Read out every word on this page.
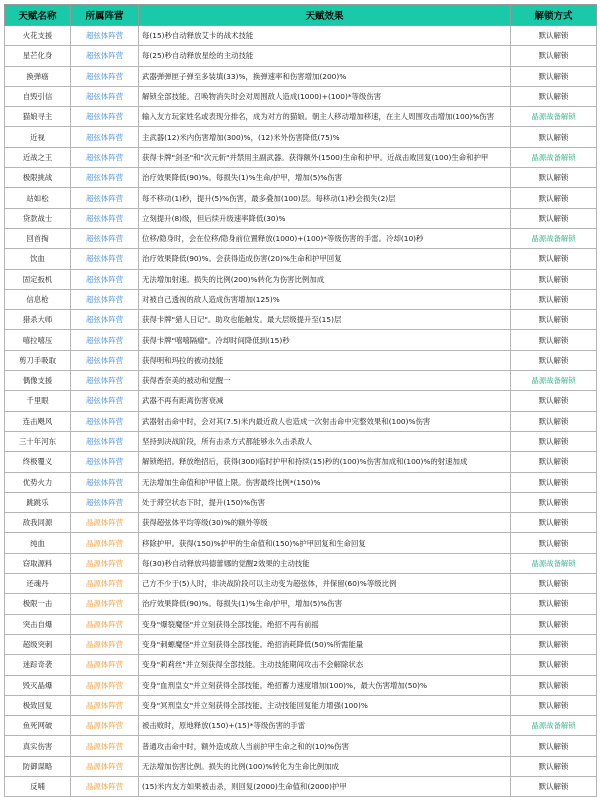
天赋名称	所属阵营	天赋效果	解锁方式
火花支援	超弦体阵营	每(15)秒自动释放艾卡的战术技能	默认解锁
星芒化身	超弦体阵营	每(25)秒自动释放星绘的主动技能	默认解锁
换弹癌	超弦体阵营	武器弹弹匣子弹至多装填(33)%，换弹速率和伤害增加(200)%	默认解锁
自毁引信	超弦体阵营	解锁全部技能。召唤物消失时会对周围敌人造成(1000)+(100)*等级伤害	默认解锁
猫娘寻主	超弦体阵营	输入友方玩家姓名或表现分排名，成为对方的猫娘。朝主人移动增加移速，在主人周围攻击增加(100)%伤害	晶源战备解锁
近视	超弦体阵营	主武器(12)米内伤害增加(300)%，(12)米外伤害降低(75)%	默认解锁
近战之王	超弦体阵营	获得卡牌"剑圣"和"次元斩"并禁用主副武器。获得额外(1500)生命和护甲。近战击败回复(100)生命和护甲	晶源战备解锁
极限挑战	超弦体阵营	治疗效果降低(90)%。每损失(1)%生命/护甲，增加(5)%伤害	默认解锁
站如松	超弦体阵营	每不移动(1)秒，提升(5)%伤害，最多叠加(100)层。每移动(1)秒会损失(2)层	默认解锁
贷款战士	超弦体阵营	立刻提升(8)级，但后续升级速率降低(30)%	默认解锁
回首掏	超弦体阵营	位移/隐身时，会在位移/隐身前位置释放(1000)+(100)*等级伤害的手雷。冷却(10)秒	晶源战备解锁
饮血	超弦体阵营	治疗效果降低(90)%。会获得造成伤害(20)%生命和护甲回复	默认解锁
固定扳机	超弦体阵营	无法增加射速。损失的比例(200)%转化为伤害比例加成	默认解锁
信息枪	超弦体阵营	对被自己透视的敌人造成伤害增加(125)%	默认解锁
猎杀大师	超弦体阵营	获得卡牌"猎人日记"。助攻也能触发。最大层级提升至(15)层	默认解锁
嘻拉嘻压	超弦体阵营	获得卡牌"嘻嘻隔瘤"。冷却时间降低到(15)秒	默认解锁
剪刀手吸取	超弦体阵营	获得明和玛拉的被动技能	默认解锁
偶像支援	超弦体阵营	获得香奈美的被动和觉醒一	晶源战备解锁
千里眼	超弦体阵营	武器不再有距离伤害衰减	默认解锁
连击飓风	超弦体阵营	武器射击命中时，会对其(7.5)米内最近敌人也造成一次射击命中完整效果和(100)%伤害	默认解锁
三十年河东	超弦体阵营	坚持到决战阶段，所有击杀方式都能够永久击杀敌人	默认解锁
终极覆义	超弦体阵营	解锁绝招。释放绝招后，获得(300)临时护甲和持续(15)秒的(100)%伤害加成和(100)%的射速加成	默认解锁
优势火力	超弦体阵营	无法增加生命值和护甲值上限。伤害最终比例*(150)%	默认解锁
跳跳乐	超弦体阵营	处于滞空状态下时，提升(150)%伤害	默认解锁
敌我同源	晶源体阵营	获得超弦体平均等级(30)%的额外等级	默认解锁
纯血	晶源体阵营	移除护甲。获得(150)%护甲的生命值和(150)%护甲回复和生命回复	默认解锁
窃取源料	晶源体阵营	每(30)秒自动释放玛德蕾娜的觉醒2效果的主动技能	晶源战备解锁
还魂丹	晶源体阵营	己方不少于(5)人时，非决战阶段可以主动变为超弦体，并保留(60)%等级比例	默认解锁
极限一击	晶源体阵营	治疗效果降低(90)%。每损失(1)%生命/护甲，增加(5)%伤害	默认解锁
突击自爆	晶源体阵营	变身"爆裂魔怪"并立刻获得全部技能。绝招不再有前摇	默认解锁
超级突刺	晶源体阵营	变身"刺螈魔怪"并立刻获得全部技能。绝招消耗降低(50)%所需能量	默认解锁
迷踪奇袭	晶源体阵营	变身"莉莉丝"并立刻获得全部技能。主动技能期间攻击不会解除状态	默认解锁
毁灭晶爆	晶源体阵营	变身"血刑皇女"并立刻获得全部技能。绝招蓄力速度增加(100)%，最大伤害增加(50)%	默认解锁
极致回复	晶源体阵营	变身"冥刑皇女"并立刻获得全部技能。主动技能回复能力增强(100)%	默认解锁
鱼死网破	晶源体阵营	被击败时，原地释放(150)+(15)*等级伤害的手雷	晶源战备解锁
真实伤害	晶源体阵营	普通攻击命中时，额外造成敌人当前护甲生命之和的(10)%伤害	默认解锁
防御谋略	晶源体阵营	无法增加伤害比例。损失的比例(100)%转化为生命比例加成	默认解锁
反哺	晶源体阵营	(15)米内友方如果被击杀，则回复(2000)生命值和(2000)护甲	默认解锁
